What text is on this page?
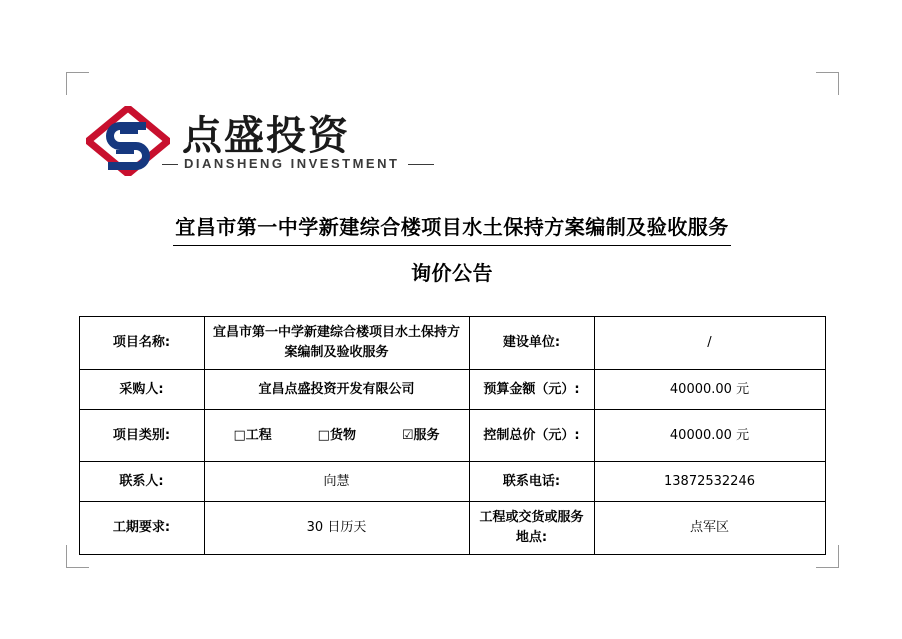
点盛投资
DIANSHENG INVESTMENT
宜昌市第一中学新建综合楼项目水土保持方案编制及验收服务
询价公告
项目名称:	宜昌市第一中学新建综合楼项目水土保持方案编制及验收服务	建设单位:	/
采购人:	宜昌点盛投资开发有限公司	预算金额（元）:	40000.00 元
项目类别:	□工程 □货物 ☑服务	控制总价（元）:	40000.00 元
联系人:	向慧	联系电话:	13872532246
工期要求:	30 日历天	工程或交货或服务地点:	点军区
